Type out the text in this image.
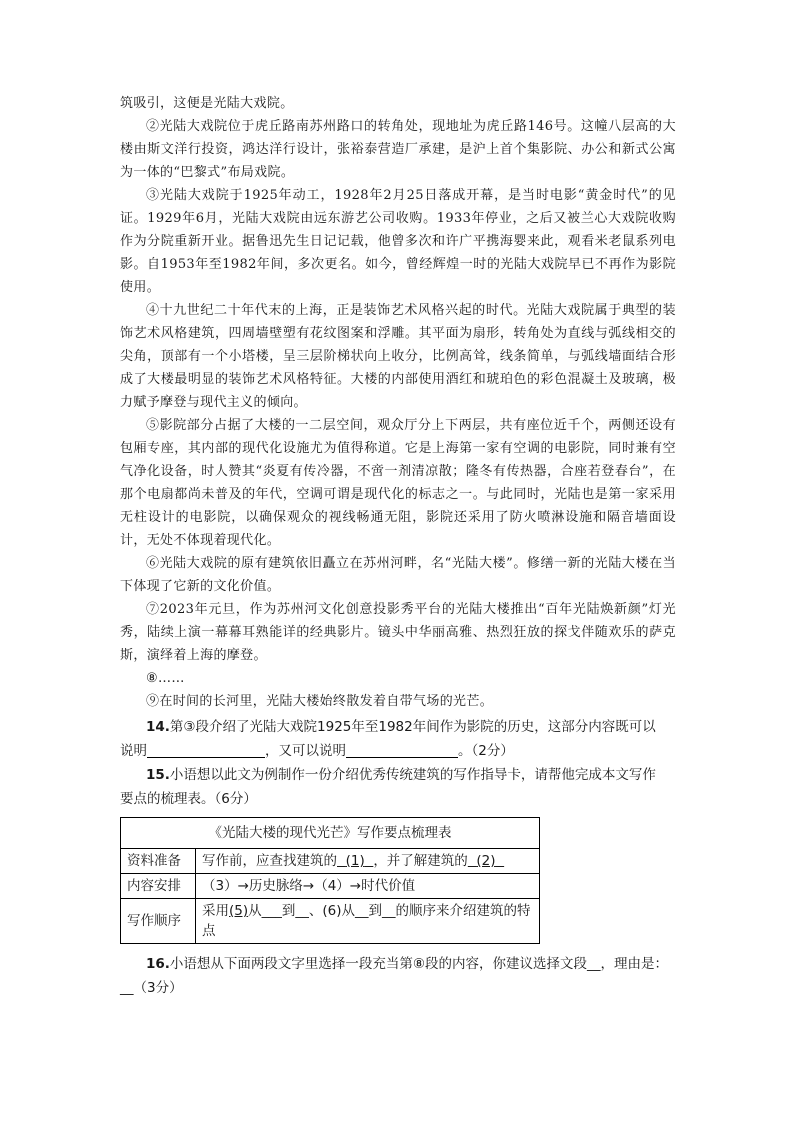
筑吸引，这便是光陆大戏院。

②光陆大戏院位于虎丘路南苏州路口的转角处，现地址为虎丘路146号。这幢八层高的大楼由斯文洋行投资，鸿达洋行设计，张裕泰营造厂承建，是沪上首个集影院、办公和新式公寓为一体的“巴黎式”布局戏院。

③光陆大戏院于1925年动工，1928年2月25日落成开幕，是当时电影“黄金时代”的见证。1929年6月，光陆大戏院由远东游艺公司收购。1933年停业，之后又被兰心大戏院收购作为分院重新开业。据鲁迅先生日记记载，他曾多次和许广平携海婴来此，观看米老鼠系列电影。自1953年至1982年间，多次更名。如今，曾经辉煌一时的光陆大戏院早已不再作为影院使用。

④十九世纪二十年代末的上海，正是装饰艺术风格兴起的时代。光陆大戏院属于典型的装饰艺术风格建筑，四周墙壁塑有花纹图案和浮雕。其平面为扇形，转角处为直线与弧线相交的尖角，顶部有一个小塔楼，呈三层阶梯状向上收分，比例高耸，线条简单，与弧线墙面结合形成了大楼最明显的装饰艺术风格特征。大楼的内部使用酒红和琥珀色的彩色混凝土及玻璃，极力赋予摩登与现代主义的倾向。

⑤影院部分占据了大楼的一二层空间，观众厅分上下两层，共有座位近千个，两侧还设有包厢专座，其内部的现代化设施尤为值得称道。它是上海第一家有空调的电影院，同时兼有空气净化设备，时人赞其“炎夏有传冷器，不啻一剂清凉散；隆冬有传热器，合座若登春台”，在那个电扇都尚未普及的年代，空调可谓是现代化的标志之一。与此同时，光陆也是第一家采用无柱设计的电影院，以确保观众的视线畅通无阻，影院还采用了防火喷淋设施和隔音墙面设计，无处不体现着现代化。

⑥光陆大戏院的原有建筑依旧矗立在苏州河畔，名“光陆大楼”。修缮一新的光陆大楼在当下体现了它新的文化价值。

⑦2023年元旦，作为苏州河文化创意投影秀平台的光陆大楼推出“百年光陆焕新颜”灯光秀，陆续上演一幕幕耳熟能详的经典影片。镜头中华丽高雅、热烈狂放的探戈伴随欢乐的萨克斯，演绎着上海的摩登。

⑧……

⑨在时间的长河里，光陆大楼始终散发着自带气场的光芒。

14.第③段介绍了光陆大戏院1925年至1982年间作为影院的历史，这部分内容既可以

说明	，又可以说明	。（2分）

15.小语想以此文为例制作一份介绍优秀传统建筑的写作指导卡，请帮他完成本文写作

要点的梳理表。（6分）

《光陆大楼的现代光芒》写作要点梳理表	
资料准备	写作前，应查找建筑的  (1)  ，并了解建筑的  (2) 
内容安排	（3）→历史脉络→（4）→时代价值
写作顺序	采用(5)从___到__、(6)从__到__的顺序来介绍建筑的特点

16.小语想从下面两段文字里选择一段充当第⑧段的内容，你建议选择文段__，理由是：

__（3分）
